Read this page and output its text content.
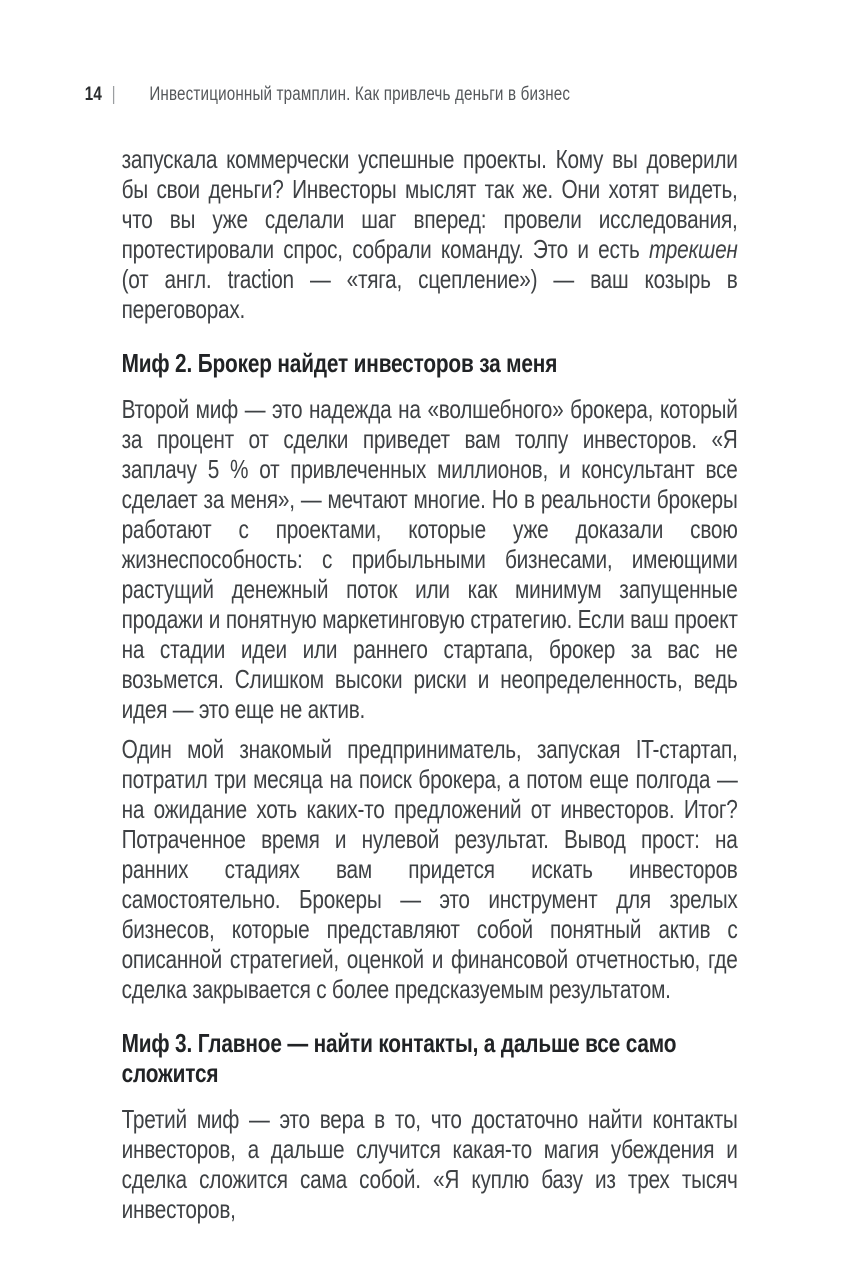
14 | Инвестиционный трамплин. Как привлечь деньги в бизнес

запускала коммерчески успешные проекты. Кому вы доверили бы свои деньги? Инвесторы мыслят так же. Они хотят видеть, что вы уже сделали шаг вперед: провели исследования, протестировали спрос, собрали команду. Это и есть трекшен (от англ. traction — «тяга, сцепление») — ваш козырь в переговорах.

Миф 2. Брокер найдет инвесторов за меня

Второй миф — это надежда на «волшебного» брокера, который за процент от сделки приведет вам толпу инвесторов. «Я заплачу 5 % от привлеченных миллионов, и консультант все сделает за меня», — мечтают многие. Но в реальности брокеры работают с проектами, которые уже доказали свою жизнеспособность: с прибыльными бизнесами, имеющими растущий денежный поток или как минимум запущенные продажи и понятную маркетинговую стратегию. Если ваш проект на стадии идеи или раннего стартапа, брокер за вас не возьмется. Слишком высоки риски и неопределенность, ведь идея — это еще не актив.

Один мой знакомый предприниматель, запуская IT-стартап, потратил три месяца на поиск брокера, а потом еще полгода — на ожидание хоть каких-то предложений от инвесторов. Итог? Потраченное время и нулевой результат. Вывод прост: на ранних стадиях вам придется искать инвесторов самостоятельно. Брокеры — это инструмент для зрелых бизнесов, которые представляют собой понятный актив с описанной стратегией, оценкой и финансовой отчетностью, где сделка закрывается с более предсказуемым результатом.

Миф 3. Главное — найти контакты, а дальше все само сложится

Третий миф — это вера в то, что достаточно найти контакты инвесторов, а дальше случится какая-то магия убеждения и сделка сложится сама собой. «Я куплю базу из трех тысяч инвесторов,
